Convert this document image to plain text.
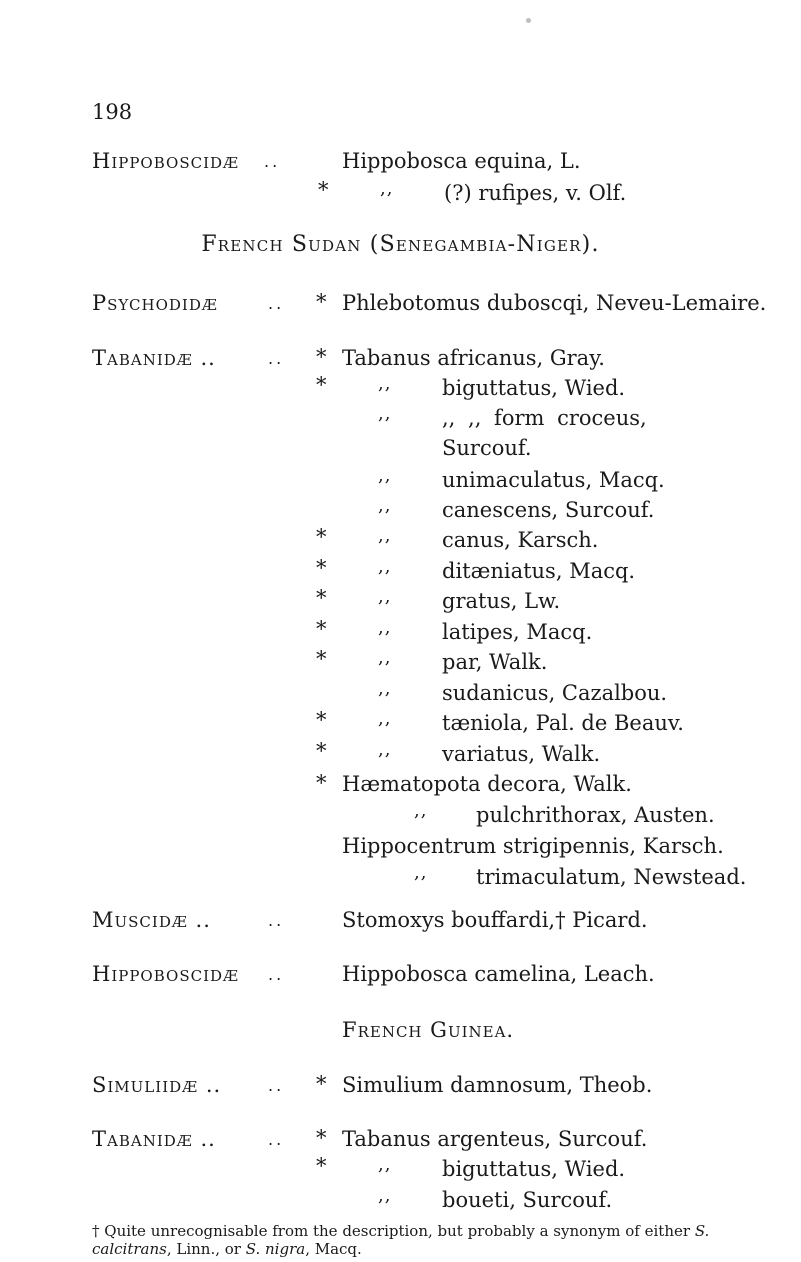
198
Hippoboscidæ ..	Hippobosca equina, L.
*	,, (?) rufipes, v. Olf.
French Sudan (Senegambia-Niger).
Psychodidæ	.. * Phlebotomus duboscqi, Neveu-Lemaire.
Tabanidæ ..	.. * Tabanus africanus, Gray.
*	,, biguttatus, Wied.
,, ,, ,, form croceus,
Surcouf.
,, unimaculatus, Macq.
,, canescens, Surcouf.
*	,, canus, Karsch.
*	,, ditæniatus, Macq.
*	,, gratus, Lw.
*	,, latipes, Macq.
*	,, par, Walk.
,, sudanicus, Cazalbou.
*	,, tæniola, Pal. de Beauv.
*	,, variatus, Walk.
* Hæmatopota decora, Walk.
,, pulchrithorax, Austen.
Hippocentrum strigipennis, Karsch.
,, trimaculatum, Newstead.
Muscidæ ..	..	Stomoxys bouffardi,† Picard.
Hippoboscidæ ..	Hippobosca camelina, Leach.
French Guinea.
Simuliidæ ..	.. * Simulium damnosum, Theob.
Tabanidæ ..	.. * Tabanus argenteus, Surcouf.
*	,, biguttatus, Wied.
,, boueti, Surcouf.
† Quite unrecognisable from the description, but probably a synonym of either S.
calcitrans, Linn., or S. nigra, Macq.
